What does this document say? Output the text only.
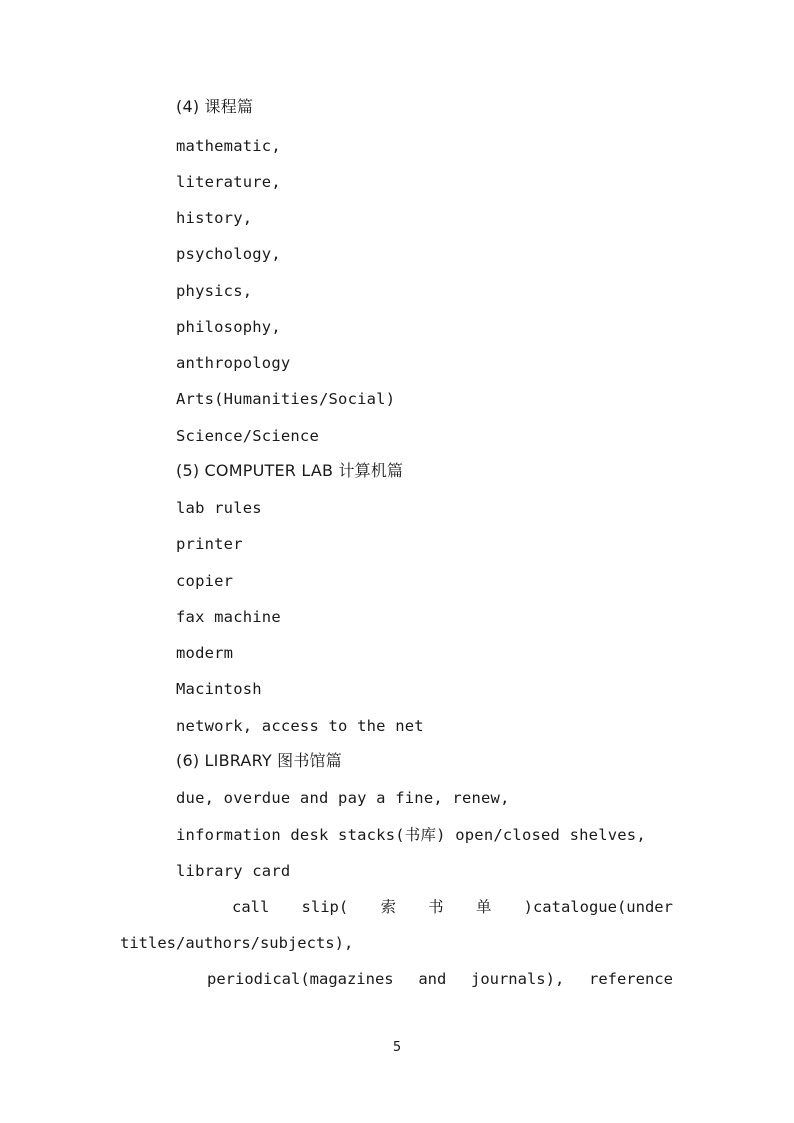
(4) 课程篇
mathematic,
literature,
history,
psychology,
physics,
philosophy,
anthropology
Arts(Humanities/Social)
Science/Science
(5) COMPUTER LAB 计算机篇
lab rules
printer
copier
fax machine
moderm
Macintosh
network, access to the net
(6) LIBRARY 图书馆篇
due, overdue and pay a fine, renew,
information desk stacks(书库) open/closed shelves,
library card
call slip( 索 书 单 )catalogue(under
titles/authors/subjects),
periodical(magazines and journals), reference
5
